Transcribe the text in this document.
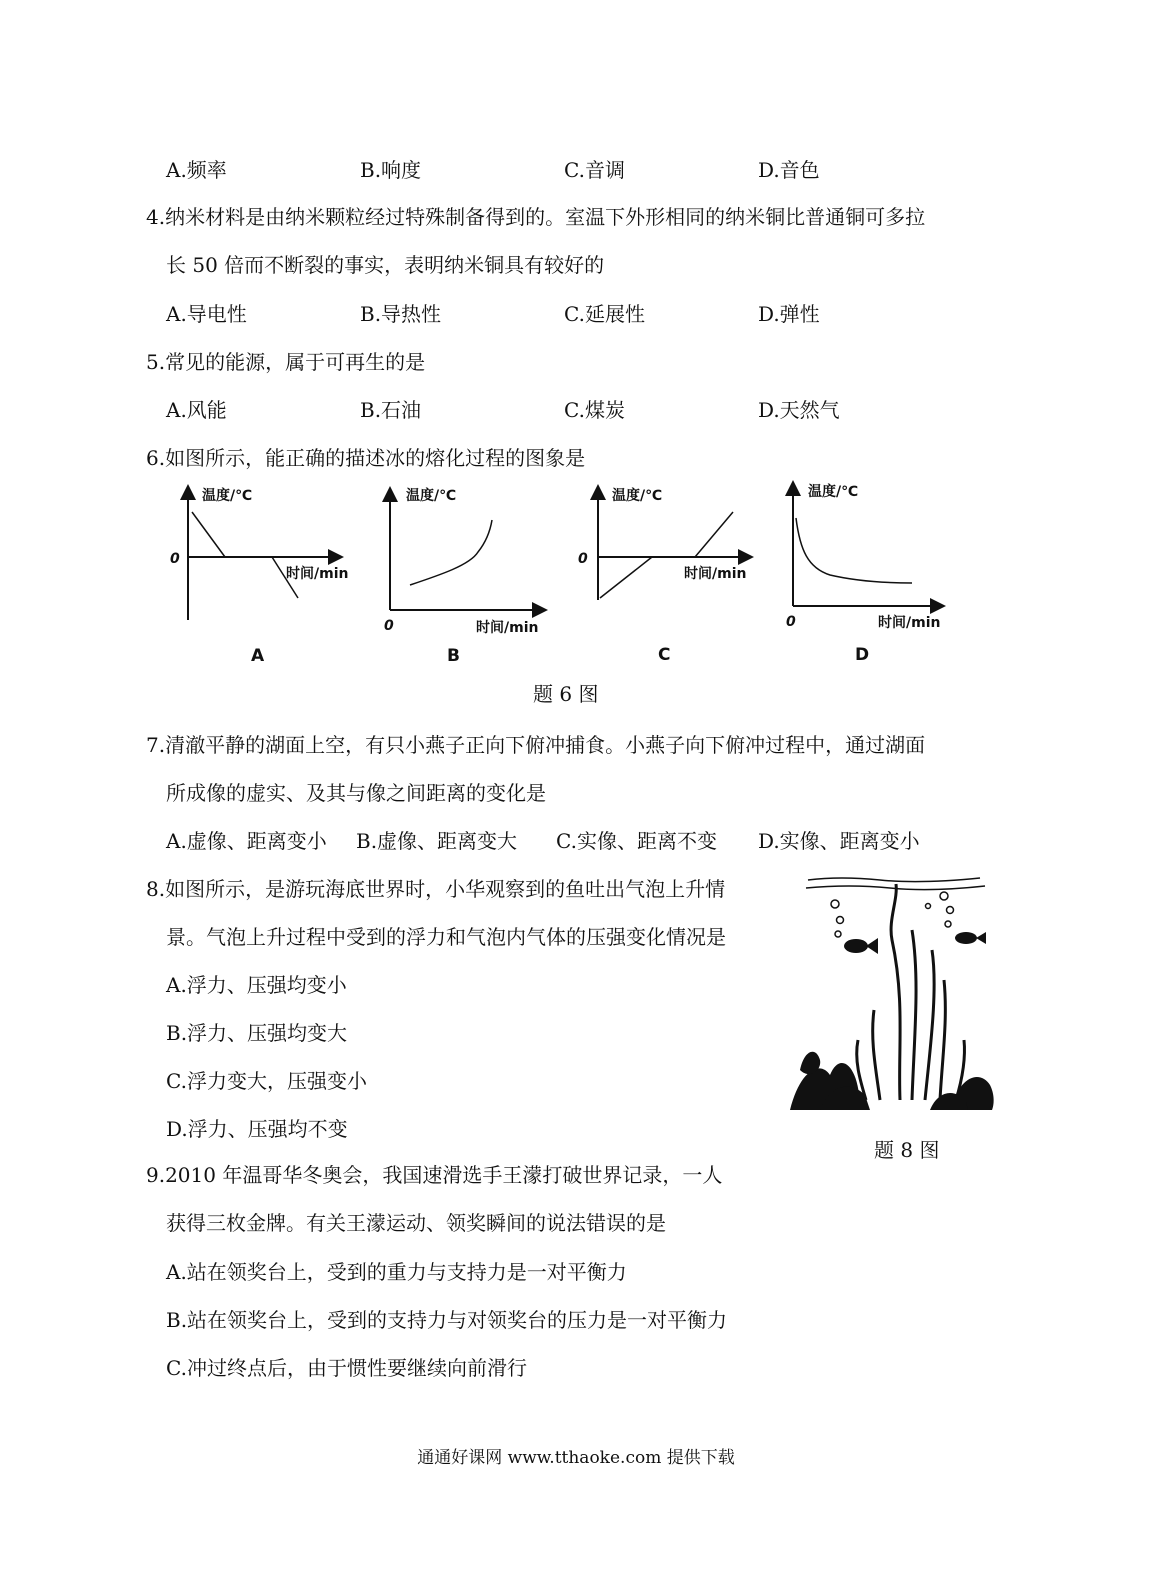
A.频率	B.响度	C.音调	D.音色
4.纳米材料是由纳米颗粒经过特殊制备得到的。室温下外形相同的纳米铜比普通铜可多拉
长 50 倍而不断裂的事实，表明纳米铜具有较好的
A.导电性	B.导热性	C.延展性	D.弹性
5.常见的能源，属于可再生的是
A.风能	B.石油	C.煤炭	D.天然气
6.如图所示，能正确的描述冰的熔化过程的图象是
温度/℃
时间/min
0
温度/℃
时间/min
0
温度/℃
时间/min
0
温度/℃
时间/min
0
A	B	C	D
题 6 图
7.清澈平静的湖面上空，有只小燕子正向下俯冲捕食。小燕子向下俯冲过程中，通过湖面
所成像的虚实、及其与像之间距离的变化是
A.虚像、距离变小 B.虚像、距离变大 C.实像、距离不变 D.实像、距离变小
8.如图所示，是游玩海底世界时，小华观察到的鱼吐出气泡上升情
景。气泡上升过程中受到的浮力和气泡内气体的压强变化情况是
A.浮力、压强均变小
B.浮力、压强均变大
C.浮力变大，压强变小
D.浮力、压强均不变
题 8 图
9.2010 年温哥华冬奥会，我国速滑选手王濛打破世界记录，一人
获得三枚金牌。有关王濛运动、领奖瞬间的说法错误的是
A.站在领奖台上，受到的重力与支持力是一对平衡力
B.站在领奖台上，受到的支持力与对领奖台的压力是一对平衡力
C.冲过终点后，由于惯性要继续向前滑行
通通好课网 www.tthaoke.com 提供下载
